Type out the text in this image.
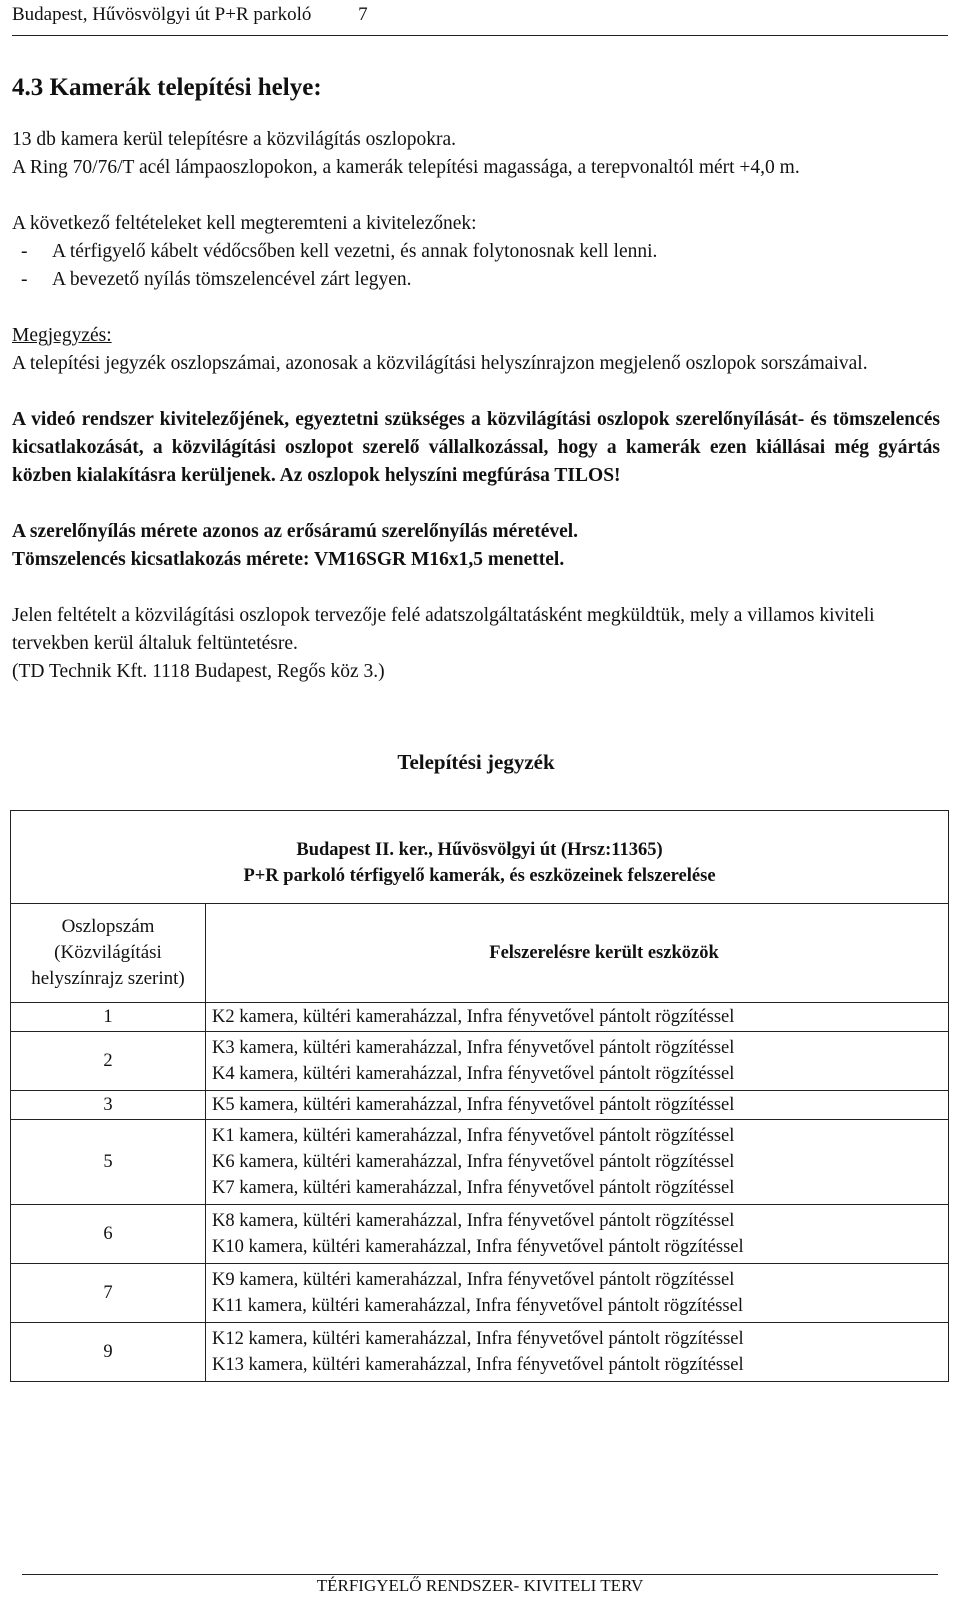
Budapest, Hűvösvölgyi út P+R parkoló 7
4.3 Kamerák telepítési helye:

13 db kamera kerül telepítésre a közvilágítás oszlopokra.

A Ring 70/76/T acél lámpaoszlopokon, a kamerák telepítési magassága, a terepvonaltól mért +4,0 m.

A következő feltételeket kell megteremteni a kivitelezőnek:

- A térfigyelő kábelt védőcsőben kell vezetni, és annak folytonosnak kell lenni.

- A bevezető nyílás tömszelencével zárt legyen.

Megjegyzés:

A telepítési jegyzék oszlopszámai, azonosak a közvilágítási helyszínrajzon megjelenő oszlopok sorszámaival.

A videó rendszer kivitelezőjének, egyeztetni szükséges a közvilágítási oszlopok szerelőnyílását- és tömszelencés kicsatlakozását, a közvilágítási oszlopot szerelő vállalkozással, hogy a kamerák ezen kiállásai még gyártás közben kialakításra kerüljenek. Az oszlopok helyszíni megfúrása TILOS!

A szerelőnyílás mérete azonos az erősáramú szerelőnyílás méretével.

Tömszelencés kicsatlakozás mérete: VM16SGR M16x1,5 menettel.

Jelen feltételt a közvilágítási oszlopok tervezője felé adatszolgáltatásként megküldtük, mely a villamos kiviteli tervekben kerül általuk feltüntetésre.

(TD Technik Kft. 1118 Budapest, Regős köz 3.)

Telepítési jegyzék
Budapest II. ker., Hűvösvölgyi út (Hrsz:11365)
P+R parkoló térfigyelő kamerák, és eszközeinek felszerelése	

Oszlopszám (Közvilágítási helyszínrajz szerint)	Felszerelésre került eszközök
1	K2 kamera, kültéri kameraházzal, Infra fényvetővel pántolt rögzítéssel

2	K3 kamera, kültéri kameraházzal, Infra fényvetővel pántolt rögzítéssel
K4 kamera, kültéri kameraházzal, Infra fényvetővel pántolt rögzítéssel

3	K5 kamera, kültéri kameraházzal, Infra fényvetővel pántolt rögzítéssel

5	K1 kamera, kültéri kameraházzal, Infra fényvetővel pántolt rögzítéssel
K6 kamera, kültéri kameraházzal, Infra fényvetővel pántolt rögzítéssel
K7 kamera, kültéri kameraházzal, Infra fényvetővel pántolt rögzítéssel

6	K8 kamera, kültéri kameraházzal, Infra fényvetővel pántolt rögzítéssel
K10 kamera, kültéri kameraházzal, Infra fényvetővel pántolt rögzítéssel

7	K9 kamera, kültéri kameraházzal, Infra fényvetővel pántolt rögzítéssel
K11 kamera, kültéri kameraházzal, Infra fényvetővel pántolt rögzítéssel

9	K12 kamera, kültéri kameraházzal, Infra fényvetővel pántolt rögzítéssel
K13 kamera, kültéri kameraházzal, Infra fényvetővel pántolt rögzítéssel
TÉRFIGYELŐ RENDSZER- KIVITELI TERV
